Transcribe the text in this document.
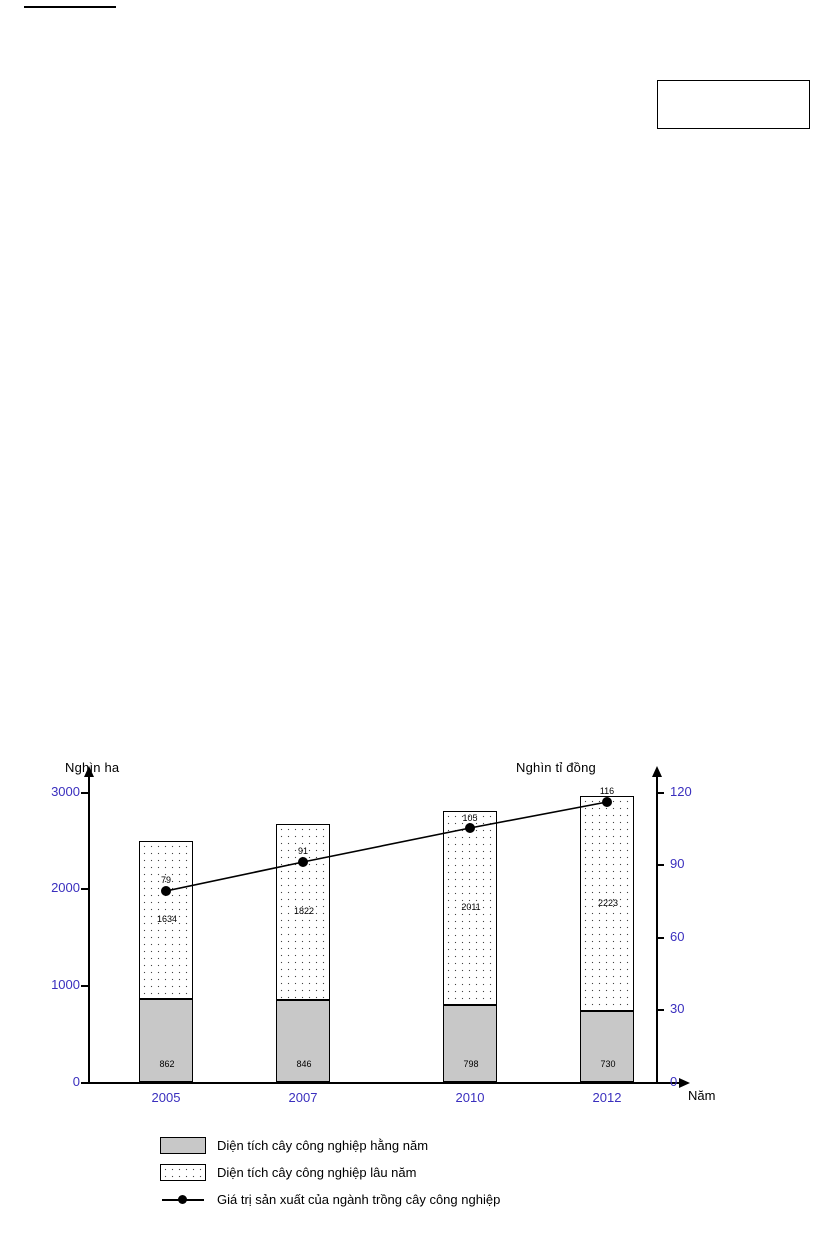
Nghìn ha	Nghìn tỉ đồng
Năm
0
1000
2000
3000
0
30
60
90
120
2005	2007	2010	2012
862
1634
846
1822
798
2011
730
2223
79
91
105
116
Diện tích cây công nghiệp hằng năm
Diện tích cây công nghiệp lâu năm
Giá trị sản xuất của ngành trồng cây công nghiệp
